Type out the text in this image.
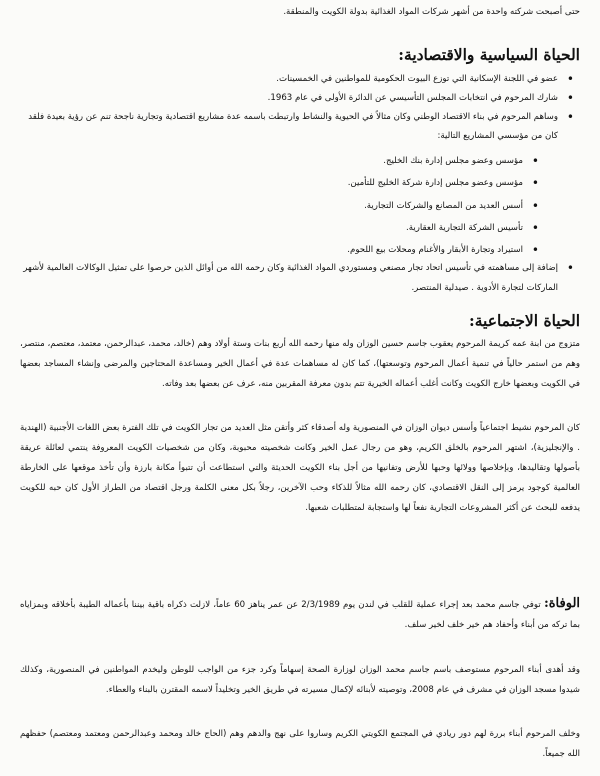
حتى أصبحت شركته واحدة من أشهر شركات المواد الغذائية بدولة الكويت والمنطقة.

الحياة السياسية والاقتصادية:
• عضو في اللجنة الإسكانية التي توزع البيوت الحكومية للمواطنين في الخمسينات.
• شارك المرحوم في انتخابات المجلس التأسيسي عن الدائرة الأولى في عام 1963.
• وساهم المرحوم في بناء الاقتصاد الوطني وكان مثالاً في الحيوية والنشاط وارتبطت باسمه عدة مشاريع اقتصادية وتجارية ناجحة تنم عن رؤية بعيدة فلقد كان من مؤسسي المشاريع التالية:
•
مؤسس وعضو مجلس إدارة بنك الخليج.
•
مؤسس وعضو مجلس إدارة شركة الخليج للتأمين.
•
أسس العديد من المصانع والشركات التجارية.
•
تأسيس الشركة التجارية العقارية.
•
استيراد وتجارة الأبقار والأغنام ومحلات بيع اللحوم.
•
إضافة إلى مساهمته في تأسيس اتحاد تجار مصنعي ومستوردي المواد الغذائية وكان رحمه الله من أوائل الذين حرصوا على تمثيل الوكالات العالمية لأشهر الماركات لتجارة الأدوية . صيدلية المنتصر.
الحياة الاجتماعية:

متزوج من ابنة عمه كريمة المرحوم يعقوب جاسم حسين الوزان وله منها رحمه الله أربع بنات وستة أولاد وهم (خالد، محمد، عبدالرحمن، معتمد، معتصم، منتصر، وهم من استمر حالياً في تنمية أعمال المرحوم وتوسعتها)، كما كان له مساهمات عدة في أعمال الخير ومساعدة المحتاجين والمرضى وإنشاء المساجد بعضها في الكويت وبعضها خارج الكويت وكانت أغلب أعماله الخيرية تتم بدون معرفة المقربين منه، عرف عن بعضها بعد وفاته.

كان المرحوم نشيط اجتماعياً وأسس ديوان الوزان في المنصورية وله أصدقاء كثر وأتقن مثل العديد من تجار الكويت في تلك الفترة بعض اللغات الأجنبية (الهندية . والإنجليزية)، اشتهر المرحوم بالخلق الكريم، وهو من رجال عمل الخير وكانت شخصيته محبوبة، وكان من شخصيات الكويت المعروفة ينتمي لعائلة عريقة بأصولها وتقاليدها، وبإخلاصها وولائها وحبها للأرض وتفانيها من أجل بناء الكويت الحديثة والتي استطاعت أن تتبوأ مكانة بارزة وأن تأخذ موقعها على الخارطة العالمية كوجود يرمز إلى النقل الاقتصادي، كان رحمه الله مثالاً للذكاء وحب الآخرين، رجلاً بكل معنى الكلمة ورجل اقتصاد من الطراز الأول كان حبه للكويت يدفعه للبحث عن أكثر المشروعات التجارية نفعاً لها واستجابة لمتطلبات شعبها.

الوفاة: توفي جاسم محمد بعد إجراء عملية للقلب في لندن يوم 2/3/1989 عن عمر يناهز 60 عاماً، لازلت ذكراه باقية بيننا بأعماله الطيبة بأخلاقه وبمزاياه بما تركه من أبناء وأحفاد هم خير خلف لخير سلف.

وقد أهدى أبناء المرحوم مستوصف باسم جاسم محمد الوزان لوزارة الصحة إسهاماً وكرد جزء من الواجب للوطن وليخدم المواطنين في المنصورية، وكذلك شيدوا مسجد الوزان في مشرف في عام 2008، وتوصيته لأبنائه لإكمال مسيرته في طريق الخير وتخليداً لاسمه المقترن بالبناء والعطاء.

وخلف المرحوم أبناء بررة لهم دور ريادي في المجتمع الكويتي الكريم وساروا على نهج والدهم وهم (الحاج خالد ومحمد وعبدالرحمن ومعتمد ومعتصم) حفظهم الله جميعاً.
